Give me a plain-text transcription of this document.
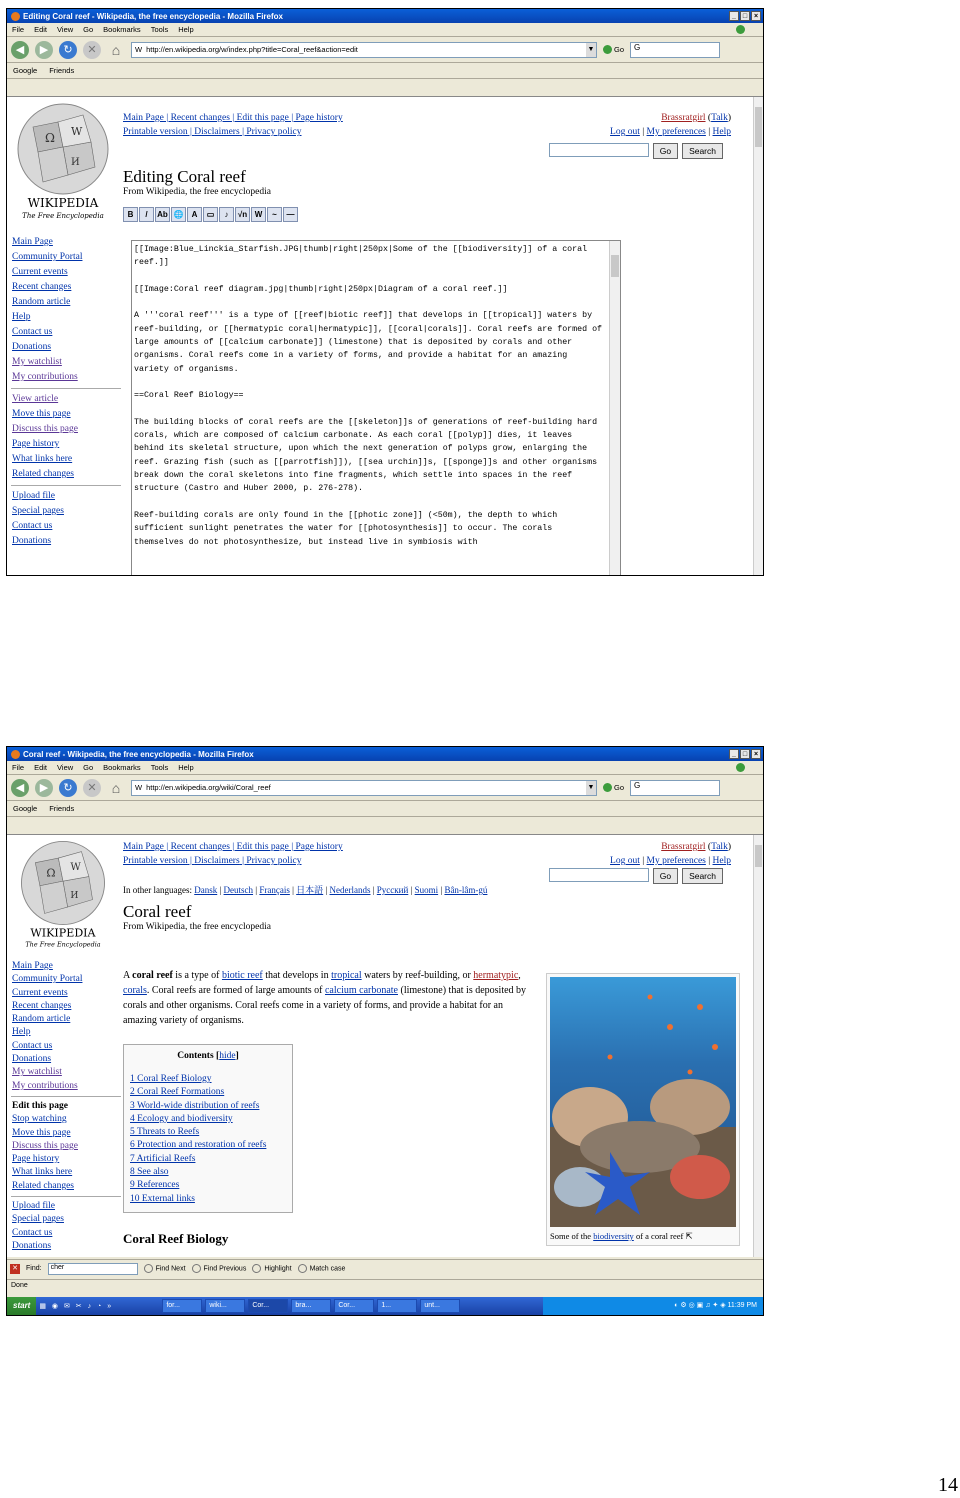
Editing Coral reef - Wikipedia, the free encyclopedia - Mozilla Firefox	_ □ ×
File Edit View Go Bookmarks Tools Help
◀	▶	↻	✕	⌂	W http://en.wikipedia.org/w/index.php?title=Coral_reef&action=edit	▼	Go	G
Google Friends
Ω W
И
WIKIPEDIA
The Free Encyclopedia
Main Page
Community Portal
Current events
Recent changes
Random article
Help
Contact us
Donations
My watchlist
My contributions
View article
Move this page
Discuss this page
Page history
What links here
Related changes
Upload file
Special pages
Contact us
Donations
Main Page | Recent changes | Edit this page | Page history
Printable version | Disclaimers | Privacy policy
Brassratgirl (Talk)
Log out | My preferences | Help
Go	Search
Editing Coral reef
From Wikipedia, the free encyclopedia
B	/	Ab 🌐	A	▭	♪	√n W	~	—
[[Image:Blue_Linckia_Starfish.JPG|thumb|right|250px|Some of the [[biodiversity]] of a coral reef.]]

[[Image:Coral reef diagram.jpg|thumb|right|250px|Diagram of a coral reef.]]

A '''coral reef''' is a type of [[reef|biotic reef]] that develops in [[tropical]] waters by reef-building, or [[hermatypic coral|hermatypic]], [[coral|corals]]. Coral reefs are formed of large amounts of [[calcium carbonate]] (limestone) that is deposited by corals and other organisms. Coral reefs come in a variety of forms, and provide a habitat for an amazing variety of organisms.

==Coral Reef Biology==

The building blocks of coral reefs are the [[skeleton]]s of generations of reef-building hard corals, which are composed of calcium carbonate. As each coral [[polyp]] dies, it leaves behind its skeletal structure, upon which the next generation of polyps grow, enlarging the reef. Grazing fish (such as [[parrotfish]]), [[sea urchin]]s, [[sponge]]s and other organisms break down the coral skeletons into fine fragments, which settle into spaces in the reef structure (Castro and Huber 2000, p. 276-278).

Reef-building corals are only found in the [[photic zone]] (<50m), the depth to which sufficient sunlight penetrates the water for [[photosynthesis]] to occur. The corals themselves do not photosynthesize, but instead live in symbiosis with
Coral reef - Wikipedia, the free encyclopedia - Mozilla Firefox	_ □ ×
File Edit View Go Bookmarks Tools Help
◀	▶	↻	✕	⌂	W http://en.wikipedia.org/wiki/Coral_reef	▼	Go	G
Google Friends
Ω W
И
WIKIPEDIA
The Free Encyclopedia
Main Page
Community Portal
Current events
Recent changes
Random article
Help
Contact us
Donations
My watchlist
My contributions
Edit this page
Stop watching
Move this page
Discuss this page
Page history
What links here
Related changes
Upload file
Special pages
Contact us
Donations
Main Page | Recent changes | Edit this page | Page history
Printable version | Disclaimers | Privacy policy
Brassratgirl (Talk)
Log out | My preferences | Help
Go	Search
In other languages: Dansk | Deutsch | Français | 日本語 | Nederlands | Русский | Suomi | Bân-lâm-gú
Coral reef
From Wikipedia, the free encyclopedia

A coral reef is a type of biotic reef that develops in tropical waters by reef-building, or hermatypic, corals. Coral reefs are formed of large amounts of calcium carbonate (limestone) that is deposited by corals and other organisms. Coral reefs come in a variety of forms, and provide a habitat for an amazing variety of organisms.

Contents [hide]
1 Coral Reef Biology
2 Coral Reef Formations
3 World-wide distribution of reefs
4 Ecology and biodiversity
5 Threats to Reefs
6 Protection and restoration of reefs
7 Artificial Reefs
8 See also
9 References
10 External links
Coral Reef Biology	Some of the biodiversity of a coral reef ⇱
✕ Find:	cher	Find Next	Find Previous	Highlight	Match case
Done
start	▦ ◉ ✉ ✂ ♪ ◔ »	for...	wiki...	Cor...	bra...	Cor...	1...	unt...	◐ ⚙ ◎ ▣ ♫ ✦ ◈ 11:39 PM
14
